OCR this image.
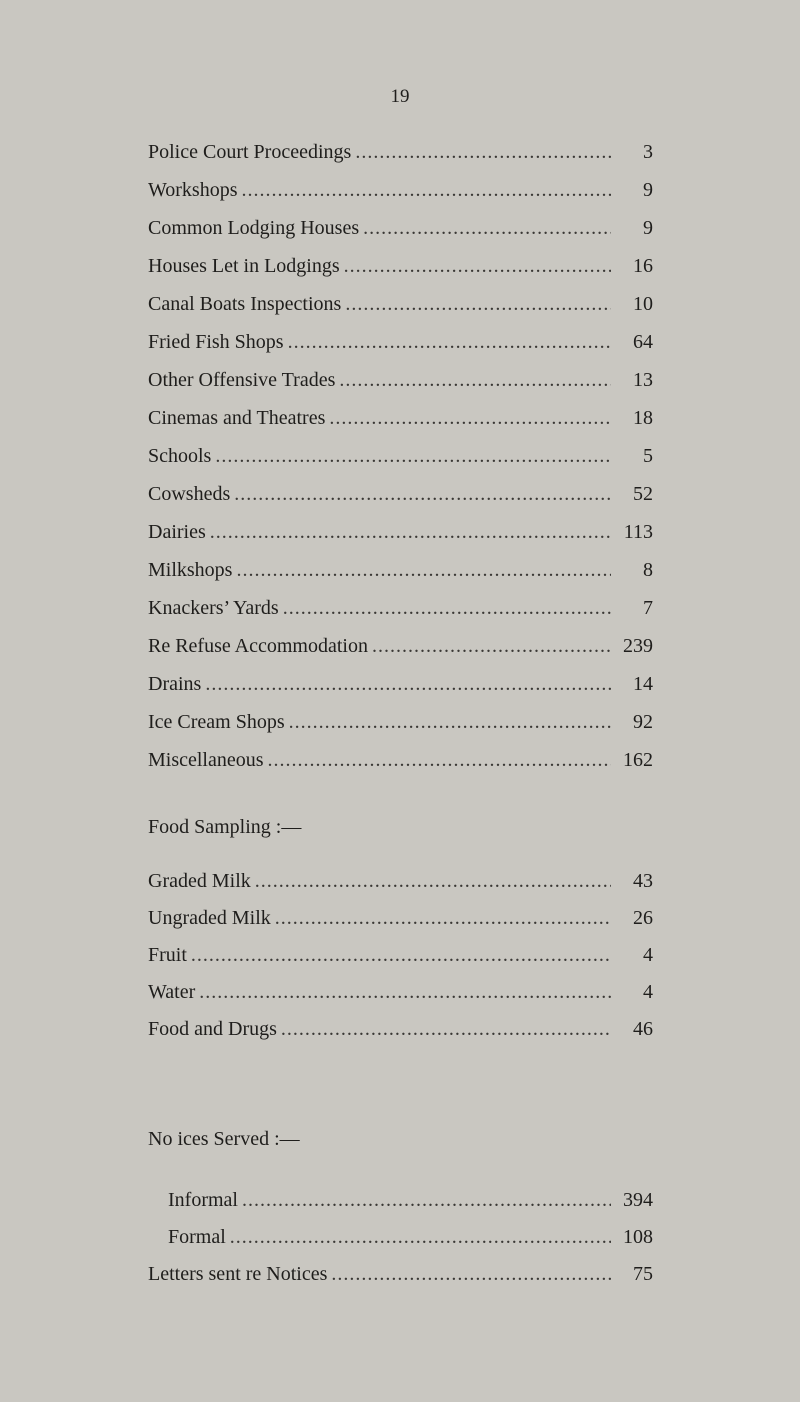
19
Police Court Proceedings .....	3
Workshops .....	9
Common Lodging Houses .....	9
Houses Let in Lodgings .....	16
Canal Boats Inspections .....	10
Fried Fish Shops .....	64
Other Offensive Trades .....	13
Cinemas and Theatres .....	18
Schools .....	5
Cowsheds .....	52
Dairies .....	113
Milkshops .....	8
Knackers’ Yards .....	7
Re Refuse Accommodation .....	239
Drains .....	14
Ice Cream Shops .....	92
Miscellaneous .....	162
Food Sampling :—
Graded Milk .....	43
Ungraded Milk .....	26
Fruit .....	4
Water .....	4
Food and Drugs .....	46
No ices Served :—
Informal .....	394
Formal .....	108
Letters sent re Notices .....	75
